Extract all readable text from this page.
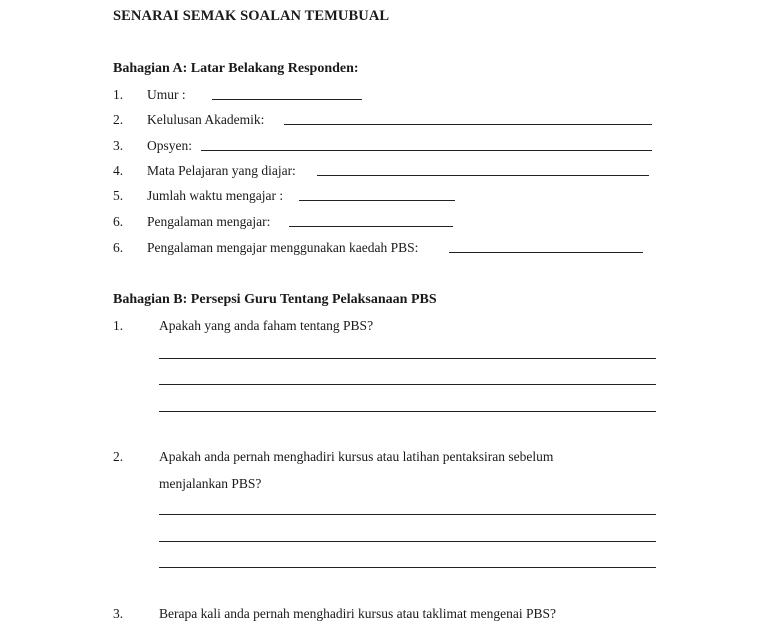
SENARAI SEMAK SOALAN TEMUBUAL
Bahagian A: Latar Belakang Responden:
1. Umur :
2. Kelulusan Akademik:
3. Opsyen:
4. Mata Pelajaran yang diajar:
5. Jumlah waktu mengajar :
6. Pengalaman mengajar:
6. Pengalaman mengajar menggunakan kaedah PBS:
Bahagian B: Persepsi Guru Tentang Pelaksanaan PBS
1.	Apakah yang anda faham tentang PBS?
2.	Apakah anda pernah menghadiri kursus atau latihan pentaksiran sebelum
menjalankan PBS?
3.	Berapa kali anda pernah menghadiri kursus atau taklimat mengenai PBS?
